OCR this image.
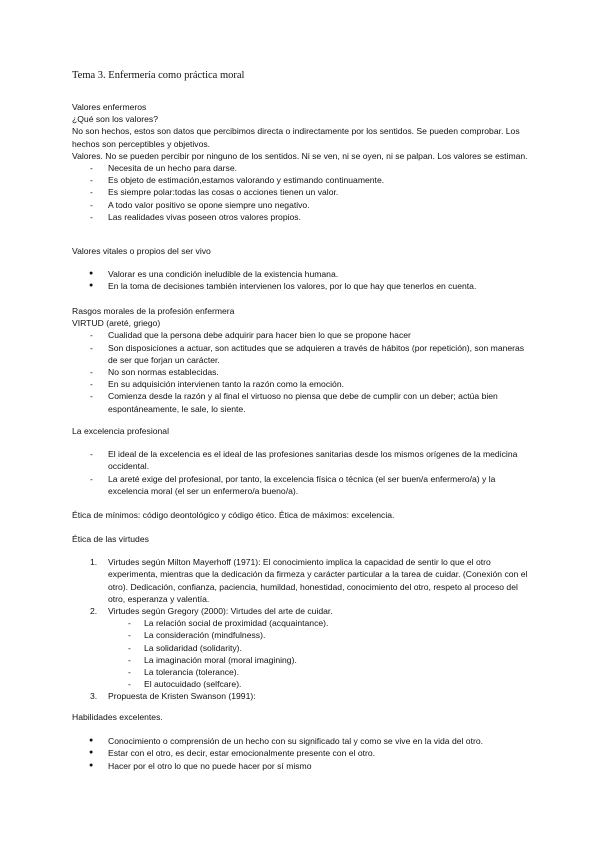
Tema 3. Enfermería como práctica moral

Valores enfermeros

¿Qué son los valores?

No son hechos, estos son datos que percibimos directa o indirectamente por los sentidos. Se pueden comprobar. Los hechos son perceptibles y objetivos.

Valores. No se pueden percibir por ninguno de los sentidos. Ni se ven, ni se oyen, ni se palpan. Los valores se estiman.

- Necesita de un hecho para darse.
- Es objeto de estimación,estamos valorando y estimando continuamente.
- Es siempre polar:todas las cosas o acciones tienen un valor.
- A todo valor positivo se opone siempre uno negativo.
- Las realidades vivas poseen otros valores propios.

Valores vitales o propios del ser vivo

● Valorar es una condición ineludible de la existencia humana.
● En la toma de decisiones también intervienen los valores, por lo que hay que tenerlos en cuenta.

Rasgos morales de la profesión enfermera

VIRTUD (areté, griego)

- Cualidad que la persona debe adquirir para hacer bien lo que se propone hacer
- Son disposiciones a actuar, son actitudes que se adquieren a través de hábitos (por repetición), son maneras de ser que forjan un carácter.
- No son normas establecidas.
- En su adquisición intervienen tanto la razón como la emoción.
- Comienza desde la razón y al final el virtuoso no piensa que debe de cumplir con un deber; actúa bien espontáneamente, le sale, lo siente.

La excelencia profesional

- El ideal de la excelencia es el ideal de las profesiones sanitarias desde los mismos orígenes de la medicina occidental.
- La areté exige del profesional, por tanto, la excelencia física o técnica (el ser buen/a enfermero/a) y la excelencia moral (el ser un enfermero/a bueno/a).

Ética de mínimos: código deontológico y código ético. Ética de máximos: excelencia.

Ética de las virtudes

1. Virtudes según Milton Mayerhoff (1971): El conocimiento implica la capacidad de sentir lo que el otro experimenta, mientras que la dedicación da firmeza y carácter particular a la tarea de cuidar. (Conexión con el otro). Dedicación, confianza, paciencia, humildad, honestidad, conocimiento del otro, respeto al proceso del otro, esperanza y valentía.
2. Virtudes según Gregory (2000): Virtudes del arte de cuidar.
- La relación social de proximidad (acquaintance).
- La consideración (mindfulness).
- La solidaridad (solidarity).
- La imaginación moral (moral imagining).
- La tolerancia (tolerance).
- El autocuidado (selfcare).
3. Propuesta de Kristen Swanson (1991):

Habilidades excelentes.

● Conocimiento o comprensión de un hecho con su significado tal y como se vive en la vida del otro.
● Estar con el otro, es decir, estar emocionalmente presente con el otro.
● Hacer por el otro lo que no puede hacer por sí mismo
